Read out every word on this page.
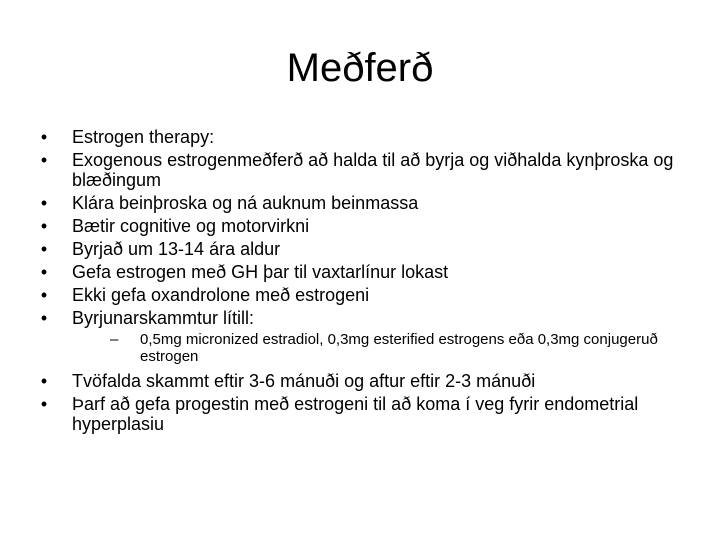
Meðferð
•	Estrogen therapy:
•	Exogenous estrogenmeðferð að halda til að byrja og viðhalda kynþroska og blæðingum
•	Klára beinþroska og ná auknum beinmassa
•	Bætir cognitive og motorvirkni
•	Byrjað um 13-14 ára aldur
•	Gefa estrogen með GH þar til vaxtarlínur lokast
•	Ekki gefa oxandrolone með estrogeni
•	Byrjunarskammtur lítill:
–	0,5mg micronized estradiol, 0,3mg esterified estrogens eða 0,3mg conjugeruð estrogen
•	Tvöfalda skammt eftir 3-6 mánuði og aftur eftir 2-3 mánuði
•	Þarf að gefa progestin með estrogeni til að koma í veg fyrir endometrial hyperplasiu
